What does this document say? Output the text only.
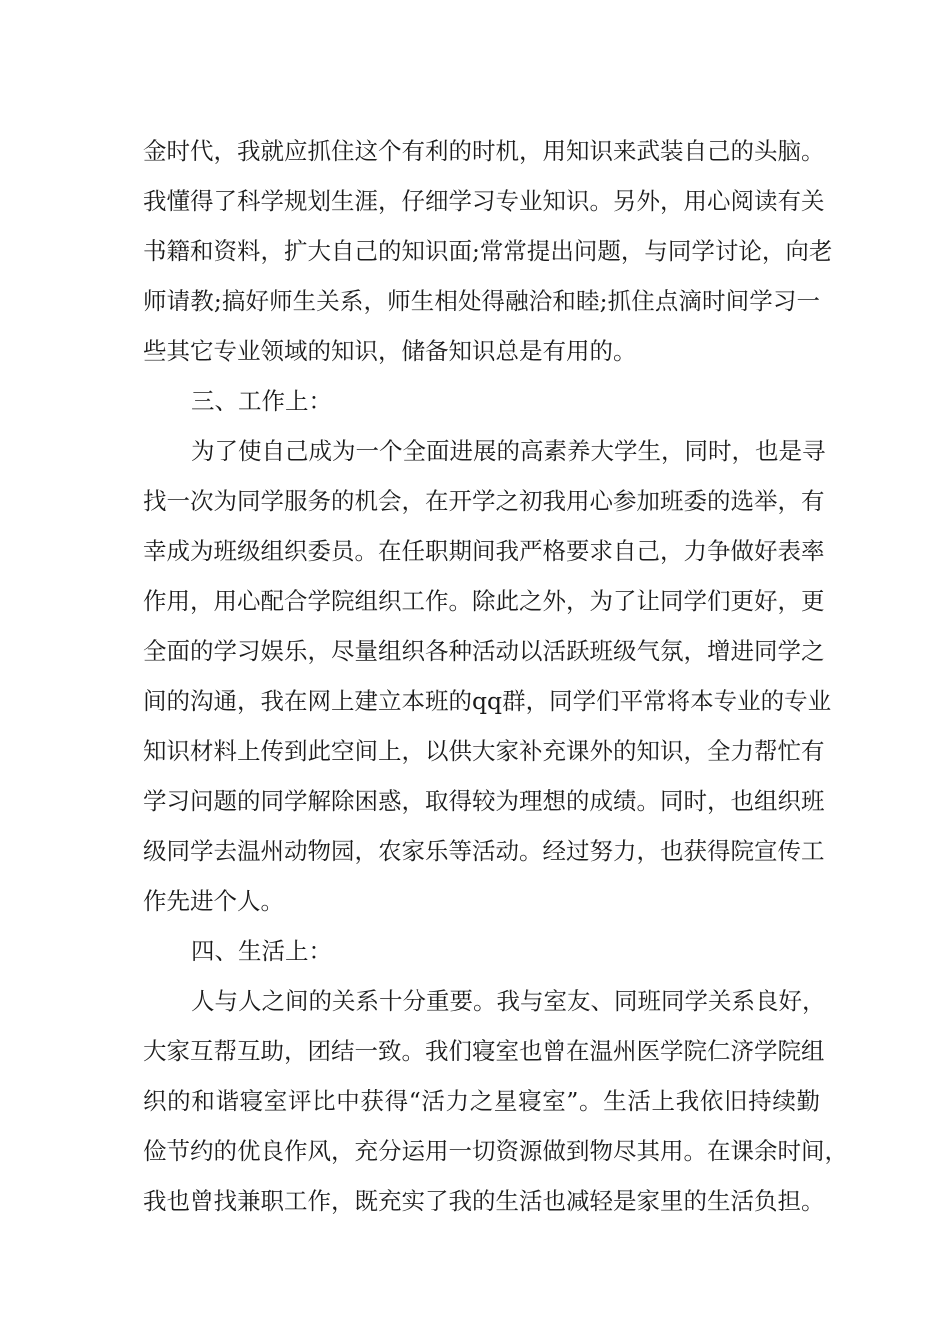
金时代，我就应抓住这个有利的时机，用知识来武装自己的头脑。
我懂得了科学规划生涯，仔细学习专业知识。另外，用心阅读有关
书籍和资料，扩大自己的知识面;常常提出问题，与同学讨论，向老
师请教;搞好师生关系，师生相处得融洽和睦;抓住点滴时间学习一
些其它专业领域的知识，储备知识总是有用的。
三、工作上：
为了使自己成为一个全面进展的高素养大学生，同时，也是寻
找一次为同学服务的机会，在开学之初我用心参加班委的选举，有
幸成为班级组织委员。在任职期间我严格要求自己，力争做好表率
作用，用心配合学院组织工作。除此之外，为了让同学们更好，更
全面的学习娱乐，尽量组织各种活动以活跃班级气氛，增进同学之
间的沟通，我在网上建立本班的qq群，同学们平常将本专业的专业
知识材料上传到此空间上，以供大家补充课外的知识，全力帮忙有
学习问题的同学解除困惑，取得较为理想的成绩。同时，也组织班
级同学去温州动物园，农家乐等活动。经过努力，也获得院宣传工
作先进个人。
四、生活上：
人与人之间的关系十分重要。我与室友、同班同学关系良好，
大家互帮互助，团结一致。我们寝室也曾在温州医学院仁济学院组
织的和谐寝室评比中获得“活力之星寝室”。生活上我依旧持续勤
俭节约的优良作风，充分运用一切资源做到物尽其用。在课余时间，
我也曾找兼职工作，既充实了我的生活也减轻是家里的生活负担。
